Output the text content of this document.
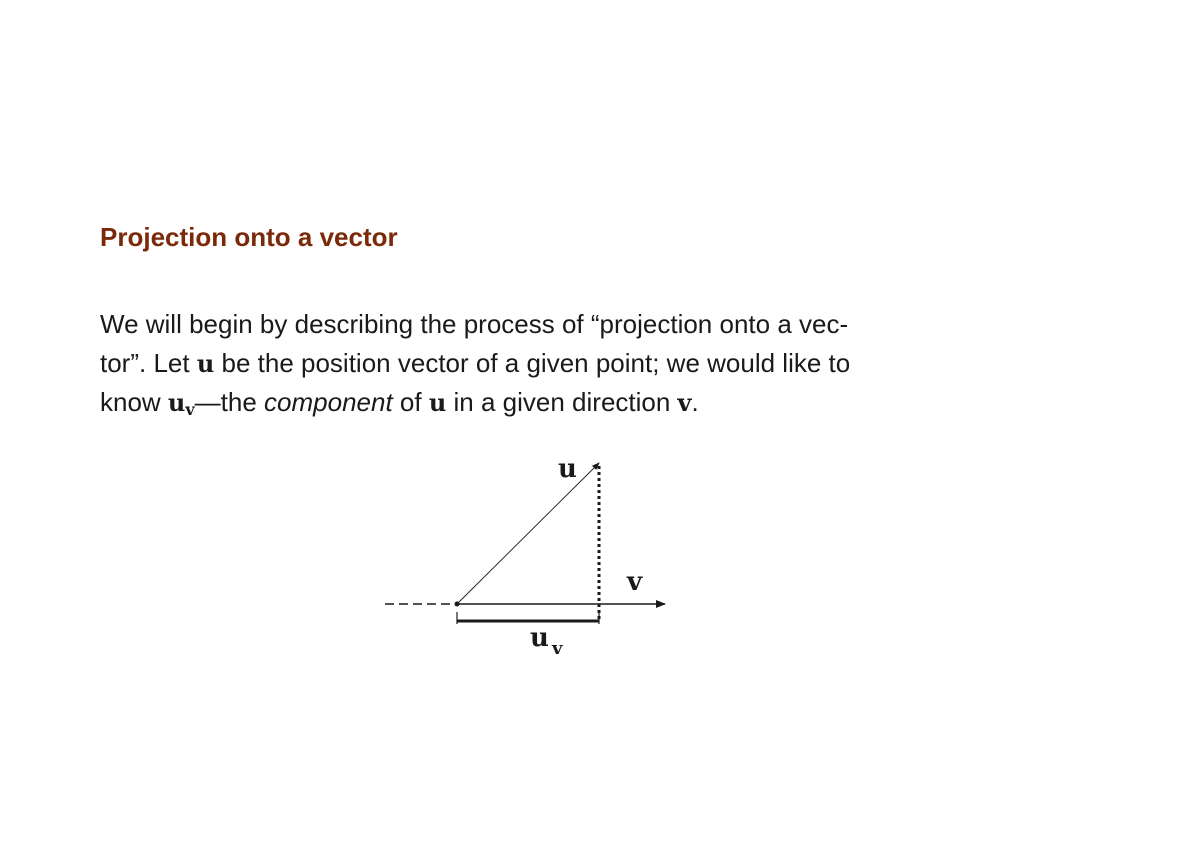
Projection onto a vector
We will begin by describing the process of “projection onto a vec-
tor”. Let u be the position vector of a given point; we would like to
know $u_v—the$ component of u in a given direction v.
u
v
u v
